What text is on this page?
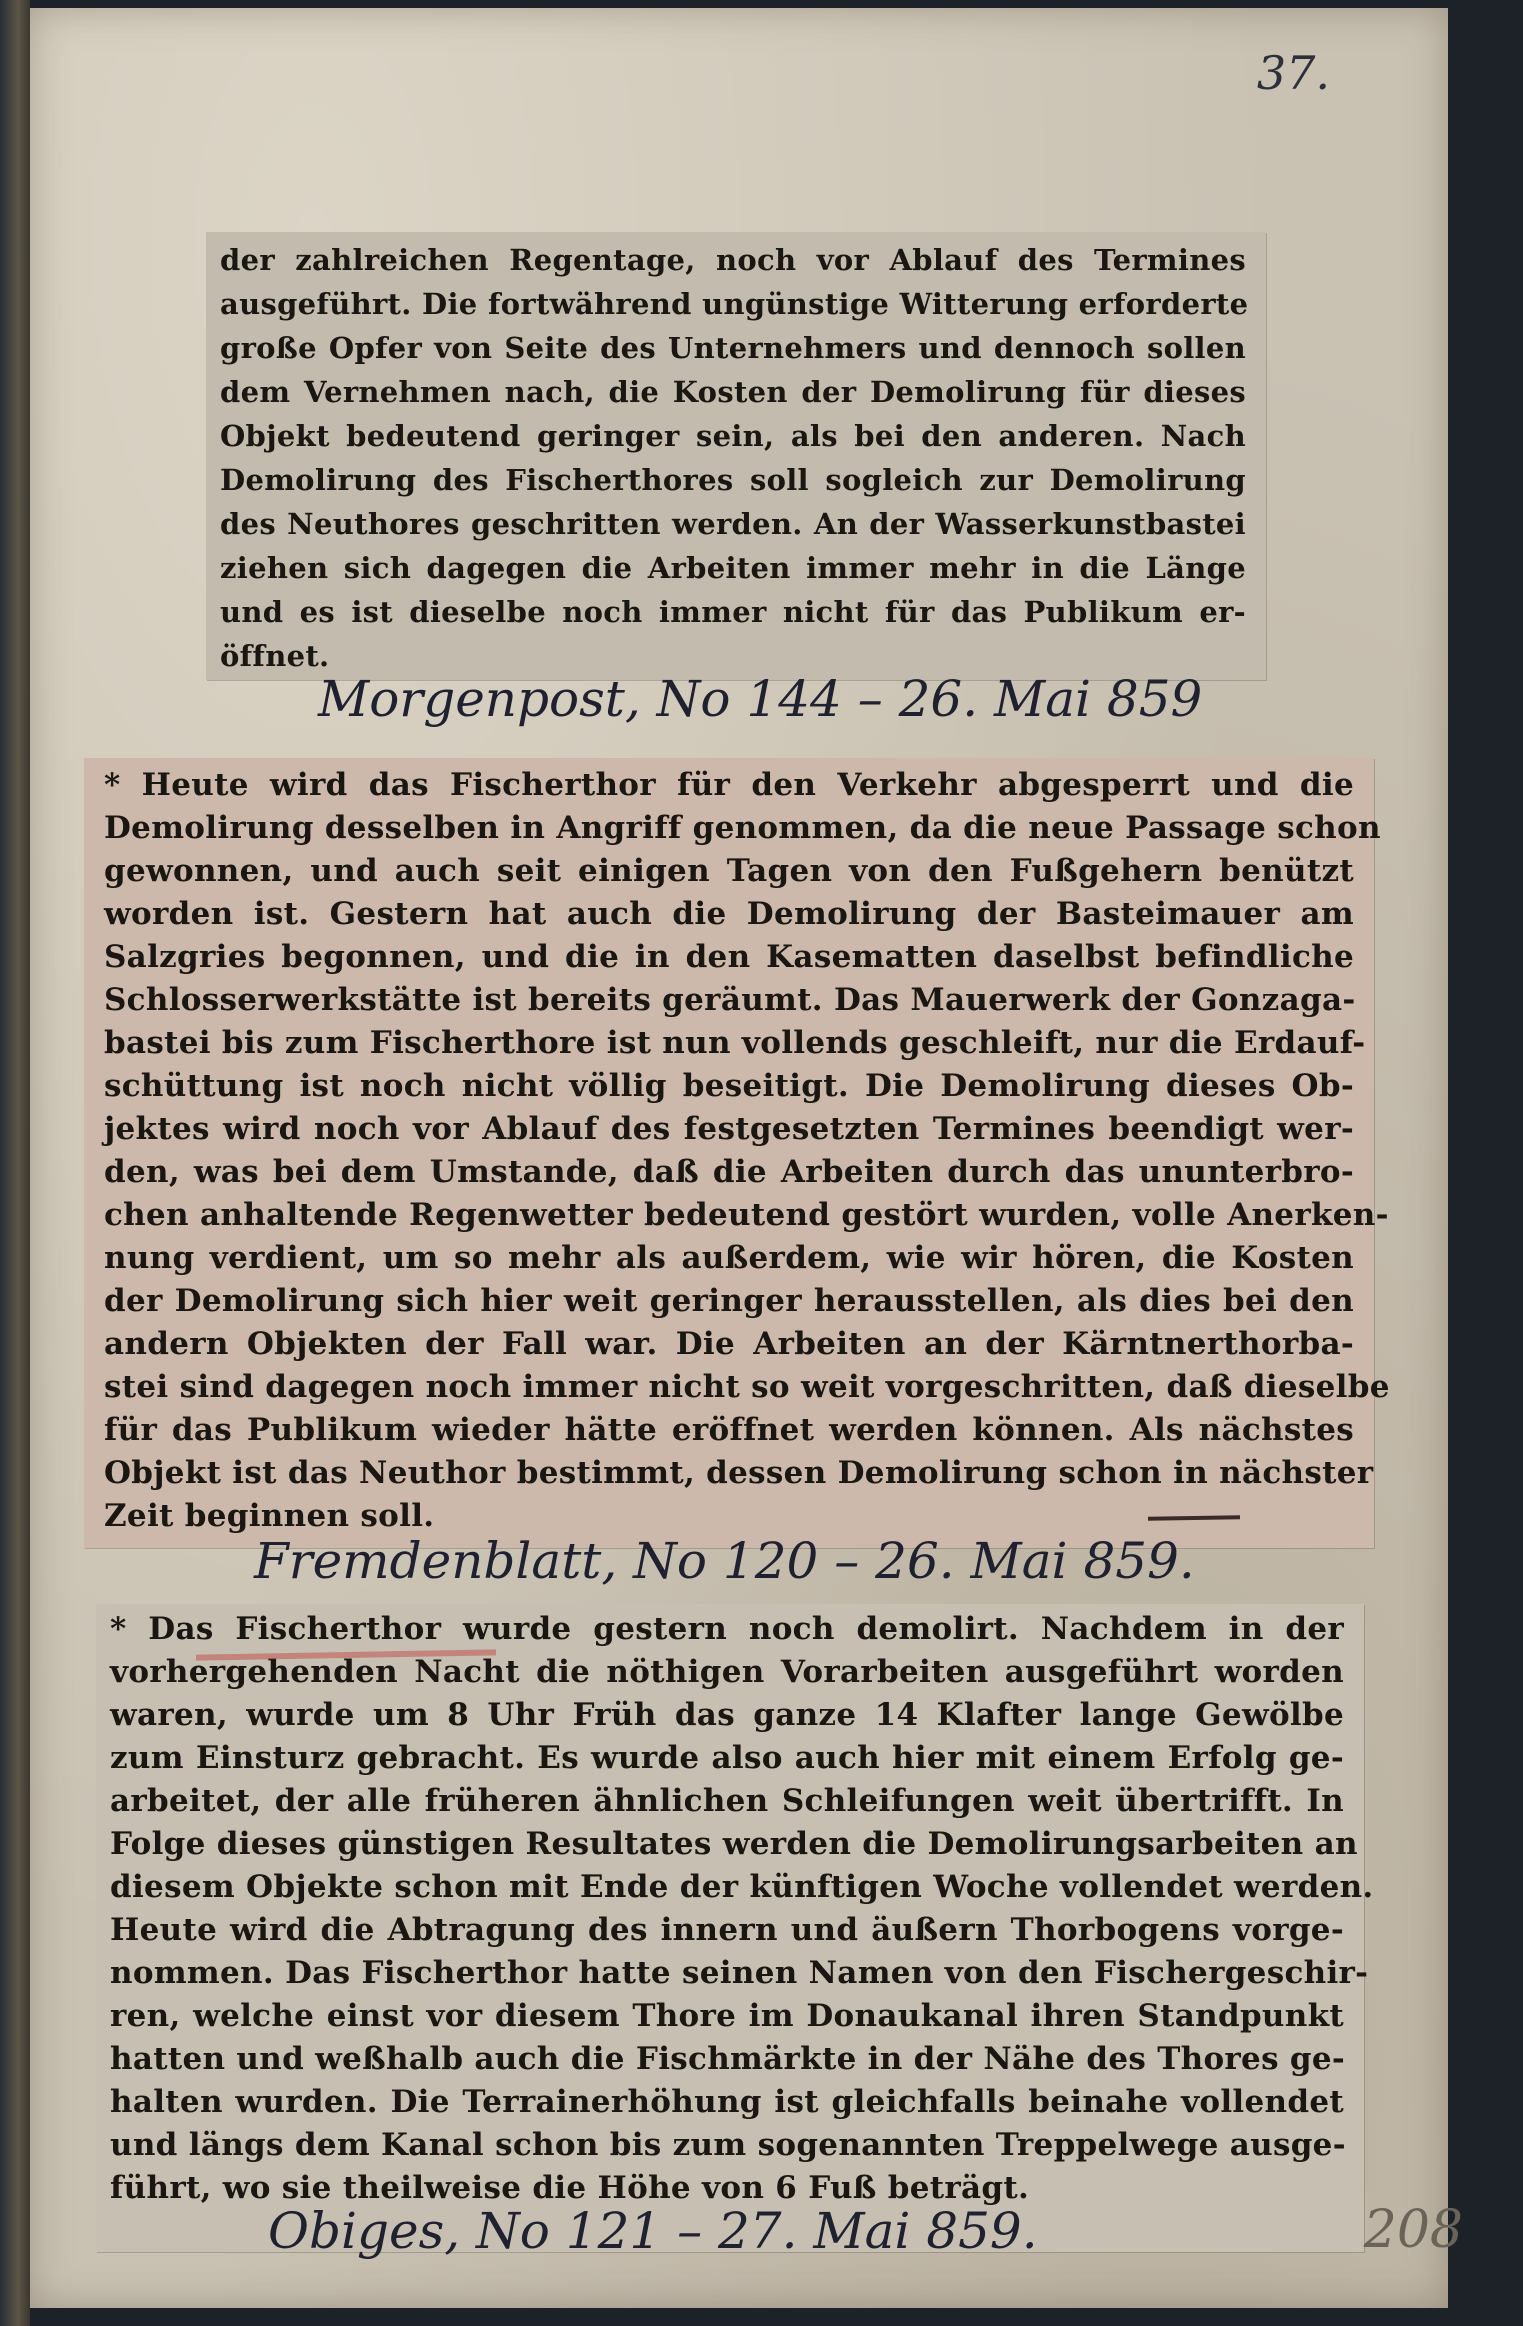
37.
der zahlreichen Regentage, noch vor Ablauf des Termines
ausgeführt. Die fortwährend ungünstige Witterung erforderte
große Opfer von Seite des Unternehmers und dennoch sollen
dem Vernehmen nach, die Kosten der Demolirung für dieses
Objekt bedeutend geringer sein, als bei den anderen. Nach
Demolirung des Fischerthores soll sogleich zur Demolirung
des Neuthores geschritten werden. An der Wasserkunstbastei
ziehen sich dagegen die Arbeiten immer mehr in die Länge
und es ist dieselbe noch immer nicht für das Publikum er-
öffnet.
Morgenpost, No 144 – 26. Mai 859
* Heute wird das Fischerthor für den Verkehr abgesperrt und die
Demolirung desselben in Angriff genommen, da die neue Passage schon
gewonnen, und auch seit einigen Tagen von den Fußgehern benützt
worden ist. Gestern hat auch die Demolirung der Basteimauer am
Salzgries begonnen, und die in den Kasematten daselbst befindliche
Schlosserwerkstätte ist bereits geräumt. Das Mauerwerk der Gonzaga-
bastei bis zum Fischerthore ist nun vollends geschleift, nur die Erdauf-
schüttung ist noch nicht völlig beseitigt. Die Demolirung dieses Ob-
jektes wird noch vor Ablauf des festgesetzten Termines beendigt wer-
den, was bei dem Umstande, daß die Arbeiten durch das ununterbro-
chen anhaltende Regenwetter bedeutend gestört wurden, volle Anerken-
nung verdient, um so mehr als außerdem, wie wir hören, die Kosten
der Demolirung sich hier weit geringer herausstellen, als dies bei den
andern Objekten der Fall war. Die Arbeiten an der Kärntnerthorba-
stei sind dagegen noch immer nicht so weit vorgeschritten, daß dieselbe
für das Publikum wieder hätte eröffnet werden können. Als nächstes
Objekt ist das Neuthor bestimmt, dessen Demolirung schon in nächster
Zeit beginnen soll.
Fremdenblatt, No 120 – 26. Mai 859.
* Das Fischerthor wurde gestern noch demolirt. Nachdem in der
vorhergehenden Nacht die nöthigen Vorarbeiten ausgeführt worden
waren, wurde um 8 Uhr Früh das ganze 14 Klafter lange Gewölbe
zum Einsturz gebracht. Es wurde also auch hier mit einem Erfolg ge-
arbeitet, der alle früheren ähnlichen Schleifungen weit übertrifft. In
Folge dieses günstigen Resultates werden die Demolirungsarbeiten an
diesem Objekte schon mit Ende der künftigen Woche vollendet werden.
Heute wird die Abtragung des innern und äußern Thorbogens vorge-
nommen. Das Fischerthor hatte seinen Namen von den Fischergeschir-
ren, welche einst vor diesem Thore im Donaukanal ihren Standpunkt
hatten und weßhalb auch die Fischmärkte in der Nähe des Thores ge-
halten wurden. Die Terrainerhöhung ist gleichfalls beinahe vollendet
und längs dem Kanal schon bis zum sogenannten Treppelwege ausge-
führt, wo sie theilweise die Höhe von 6 Fuß beträgt.
Obiges, No 121 – 27. Mai 859.	208
